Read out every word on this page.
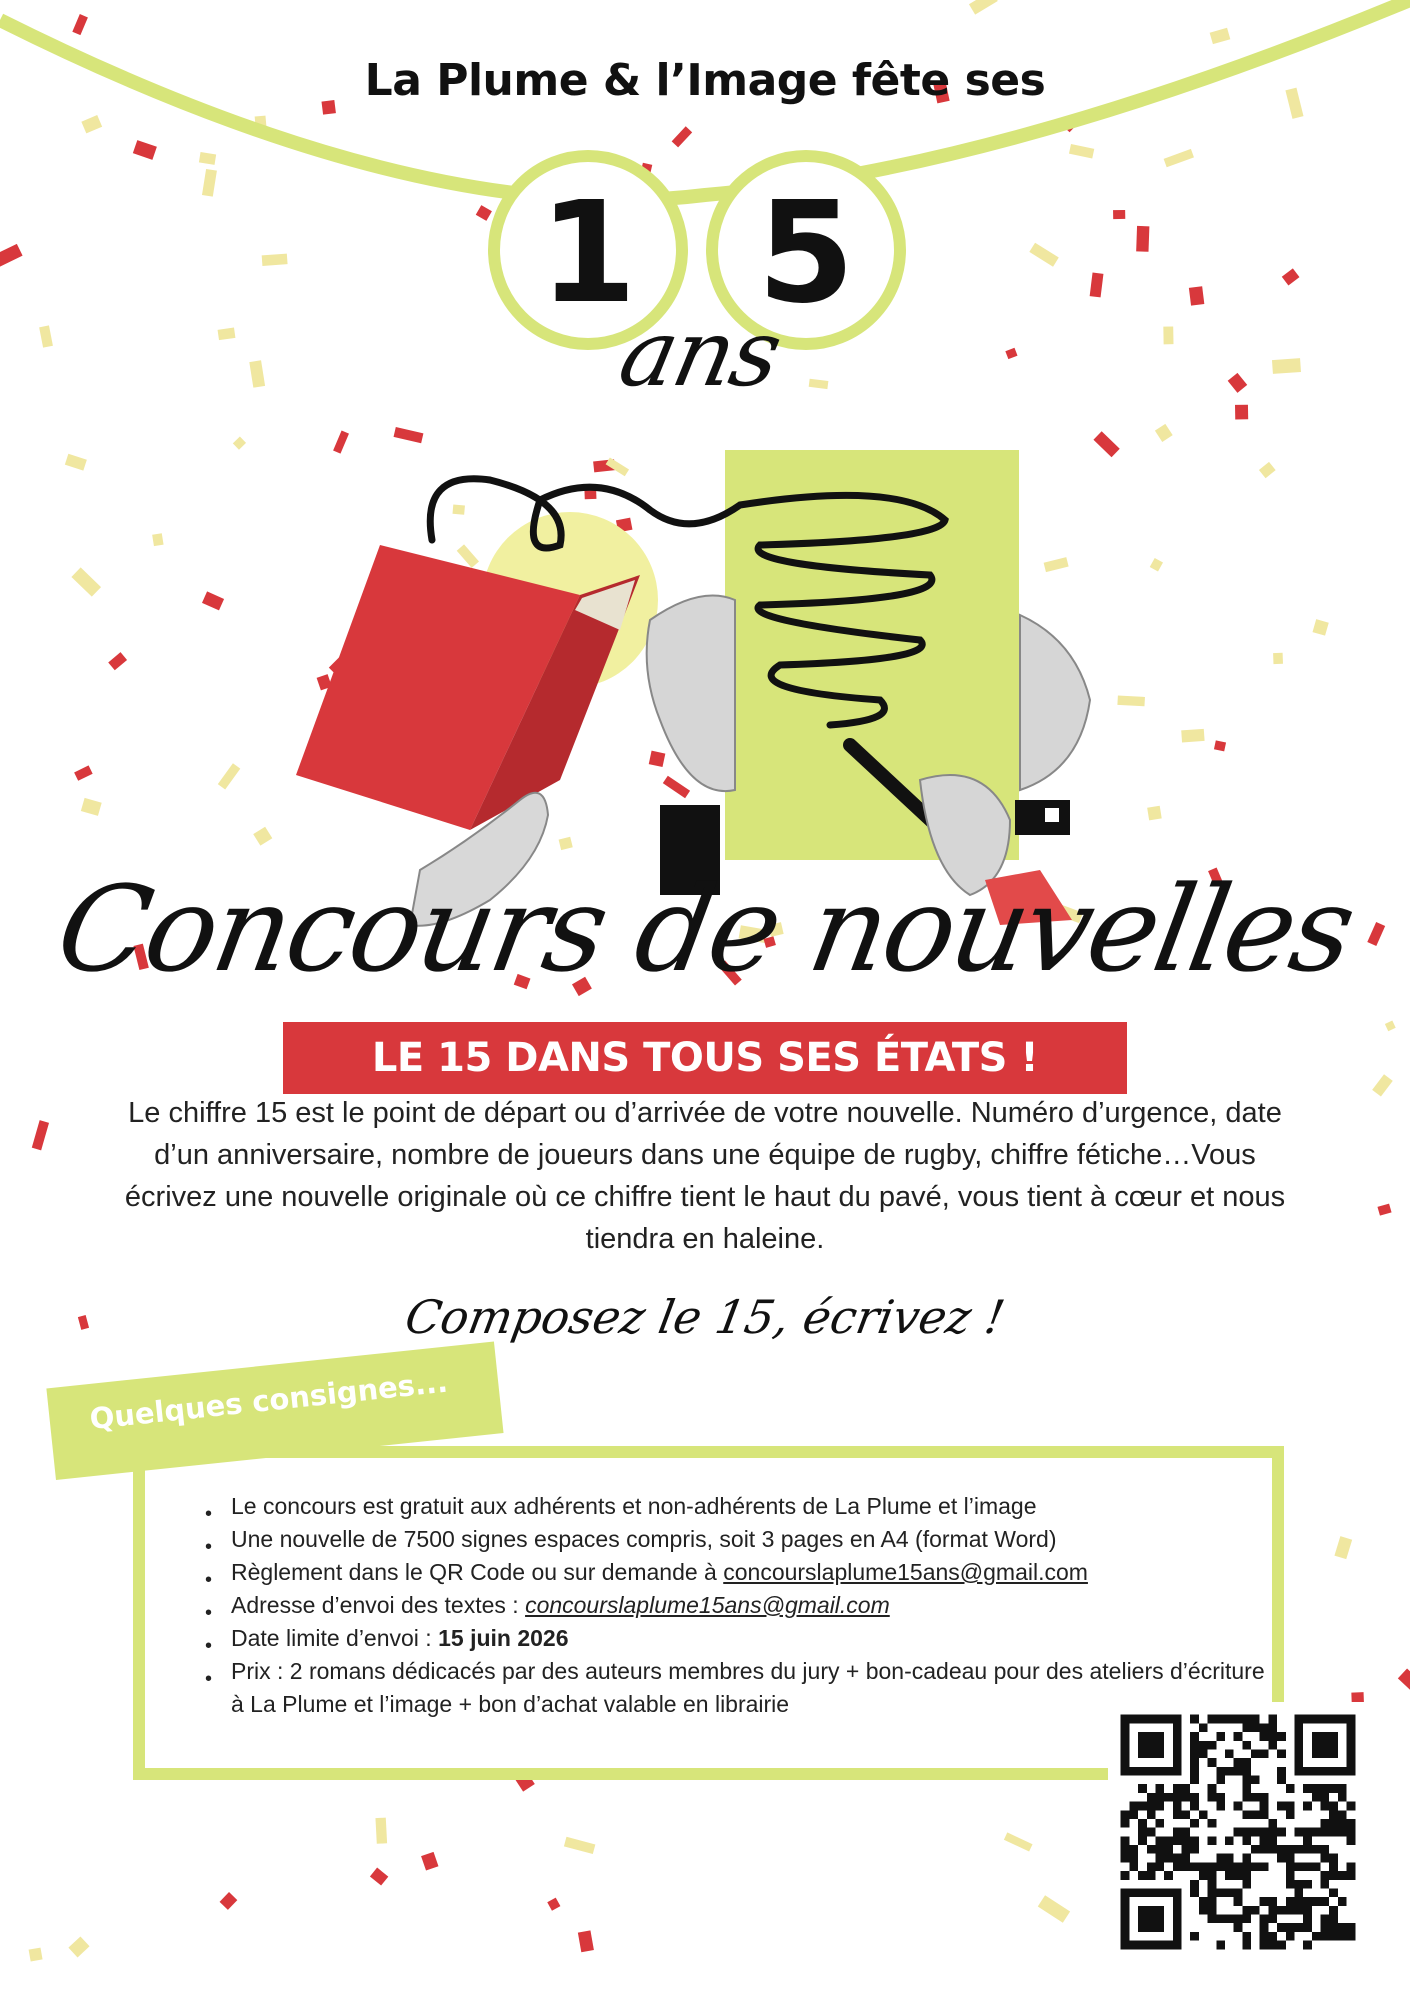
La Plume & l’Image fête ses
1 5
ans
Concours de nouvelles
LE 15 DANS TOUS SES ÉTATS !

Le chiffre 15 est le point de départ ou d’arrivée de votre nouvelle. Numéro d’urgence, date d’un anniversaire, nombre de joueurs dans une équipe de rugby, chiffre fétiche…Vous écrivez une nouvelle originale où ce chiffre tient le haut du pavé, vous tient à cœur et nous tiendra en haleine.

Composez le 15, écrivez !
• Le concours est gratuit aux adhérents et non-adhérents de La Plume et l’image
• Une nouvelle de 7500 signes espaces compris, soit 3 pages en A4 (format Word)
• Règlement dans le QR Code ou sur demande à concourslaplume15ans@gmail.com
• Adresse d’envoi des textes : concourslaplume15ans@gmail.com
• Date limite d’envoi : 15 juin 2026
• Prix : 2 romans dédicacés par des auteurs membres du jury + bon-cadeau pour des ateliers d’écriture à La Plume et l’image + bon d’achat valable en librairie
Quelques consignes...
